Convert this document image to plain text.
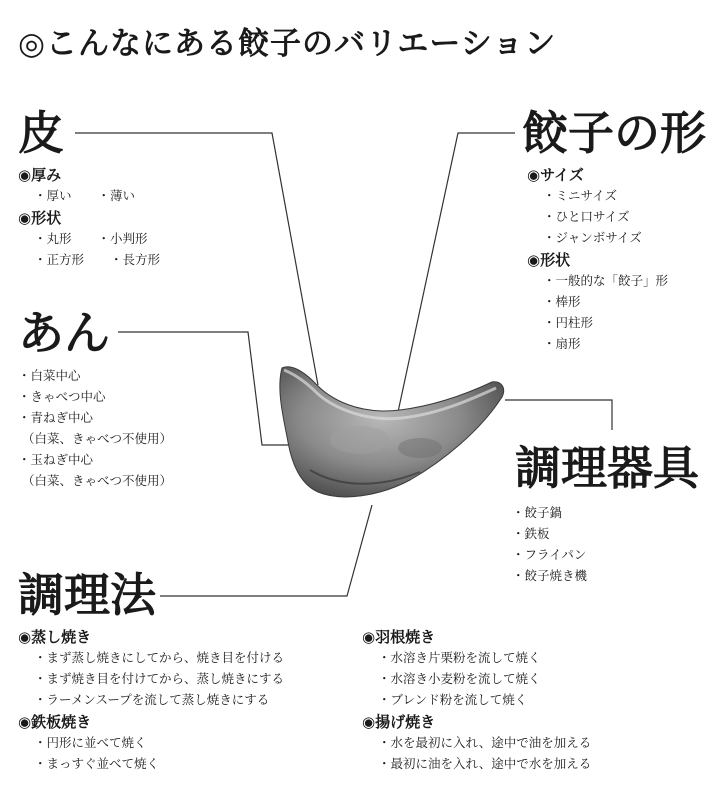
◎こんなにある餃子のバリエーション
皮
◉厚み
・厚い ・薄い
◉形状
・丸形 ・小判形
・正方形 ・長方形
あん
・白菜中心
・きゃべつ中心
・青ねぎ中心
（白菜、きゃべつ不使用）
・玉ねぎ中心
（白菜、きゃべつ不使用）
餃子の形
◉サイズ
・ミニサイズ
・ひと口サイズ
・ジャンボサイズ
◉形状
・一般的な「餃子」形
・棒形
・円柱形
・扇形
調理器具
・餃子鍋
・鉄板
・フライパン
・餃子焼き機
調理法
◉蒸し焼き
・まず蒸し焼きにしてから、焼き目を付ける
・まず焼き目を付けてから、蒸し焼きにする
・ラーメンスープを流して蒸し焼きにする
◉鉄板焼き
・円形に並べて焼く
・まっすぐ並べて焼く
◉羽根焼き
・水溶き片栗粉を流して焼く
・水溶き小麦粉を流して焼く
・ブレンド粉を流して焼く
◉揚げ焼き
・水を最初に入れ、途中で油を加える
・最初に油を入れ、途中で水を加える
